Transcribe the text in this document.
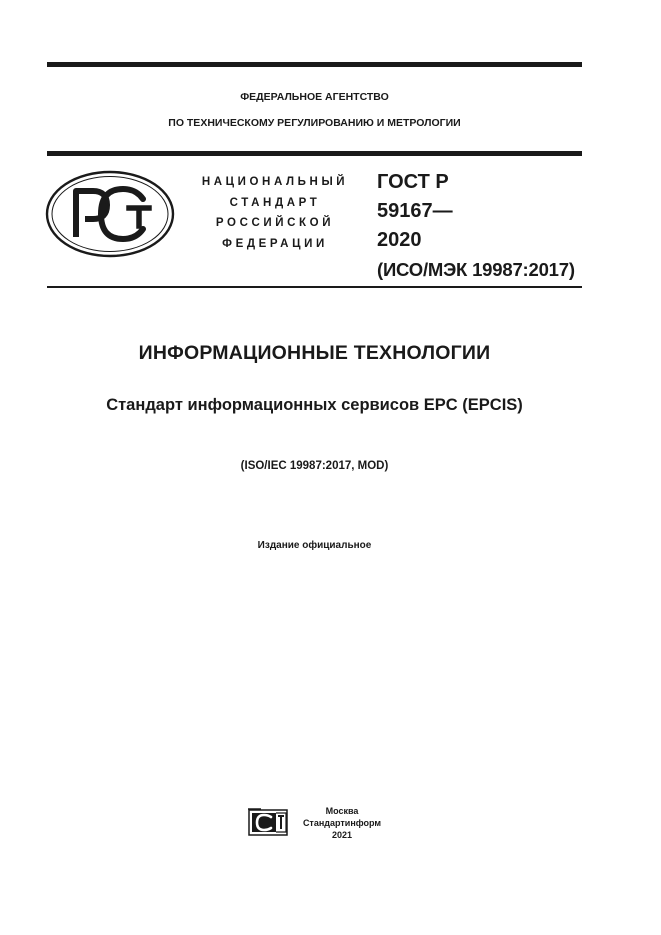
ФЕДЕРАЛЬНОЕ АГЕНТСТВО
ПО ТЕХНИЧЕСКОМУ РЕГУЛИРОВАНИЮ И МЕТРОЛОГИИ
НАЦИОНАЛЬНЫЙ
СТАНДАРТ
РОССИЙСКОЙ
ФЕДЕРАЦИИ
ГОСТ Р
59167—
2020
(ИСО/МЭК 19987:2017)
ИНФОРМАЦИОННЫЕ ТЕХНОЛОГИИ
Стандарт информационных сервисов EPC (EPCIS)
(ISO/IEC 19987:2017, MOD)
Издание официальное
Москва
Стандартинформ
2021
